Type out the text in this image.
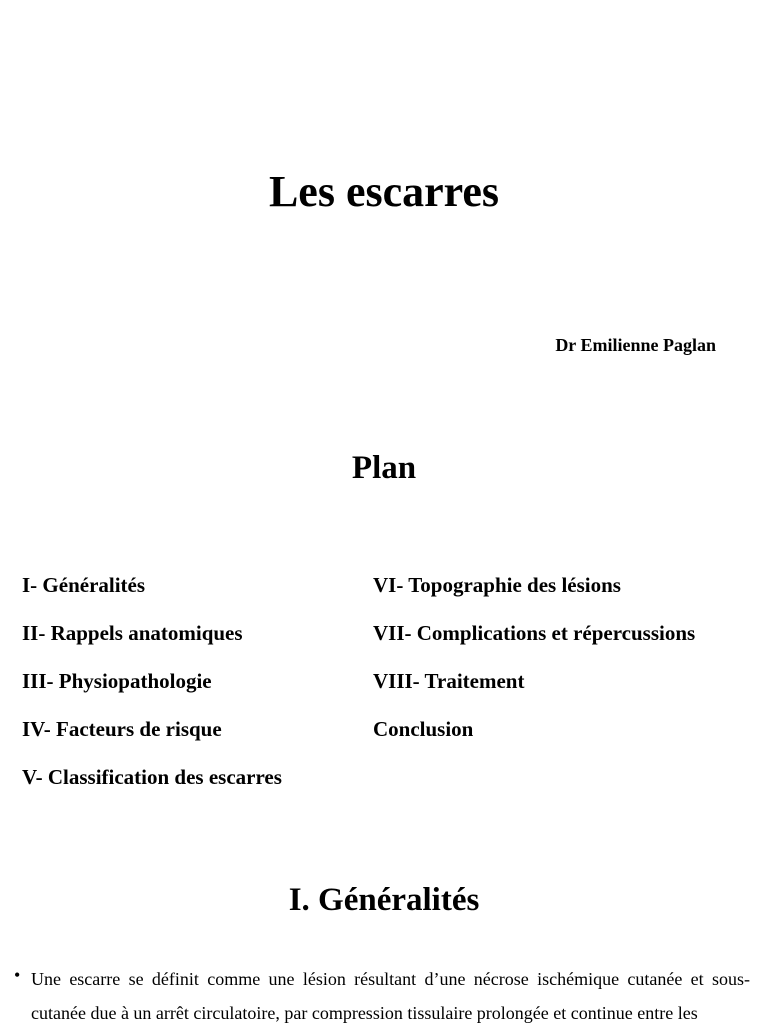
Les escarres
Dr Emilienne Paglan
Plan
I- Généralités
II- Rappels anatomiques
III- Physiopathologie
IV- Facteurs de risque
V- Classification des escarres
VI- Topographie des lésions
VII- Complications et répercussions
VIII- Traitement
Conclusion
I. Généralités
• Une escarre se définit comme une lésion résultant d’une nécrose ischémique cutanée et sous-cutanée due à un arrêt circulatoire, par compression tissulaire prolongée et continue entre les
